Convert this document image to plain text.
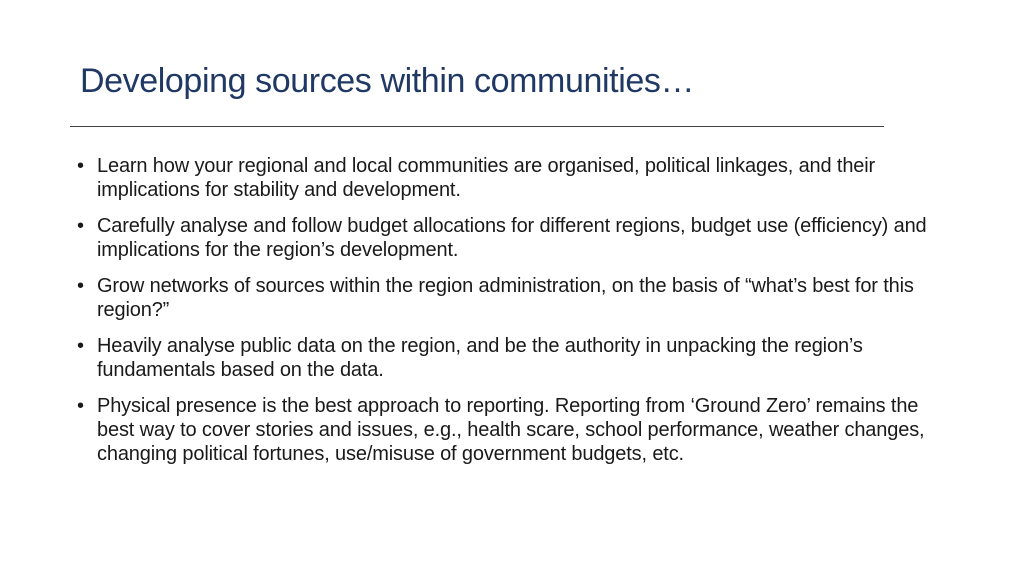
Developing sources within communities…
• Learn how your regional and local communities are organised, political linkages, and their implications for stability and development.
• Carefully analyse and follow budget allocations for different regions, budget use (efficiency) and implications for the region’s development.
• Grow networks of sources within the region administration, on the basis of “what’s best for this region?”
• Heavily analyse public data on the region, and be the authority in unpacking the region’s fundamentals based on the data.
• Physical presence is the best approach to reporting. Reporting from ‘Ground Zero’ remains the best way to cover stories and issues, e.g., health scare, school performance, weather changes, changing political fortunes, use/misuse of government budgets, etc.
